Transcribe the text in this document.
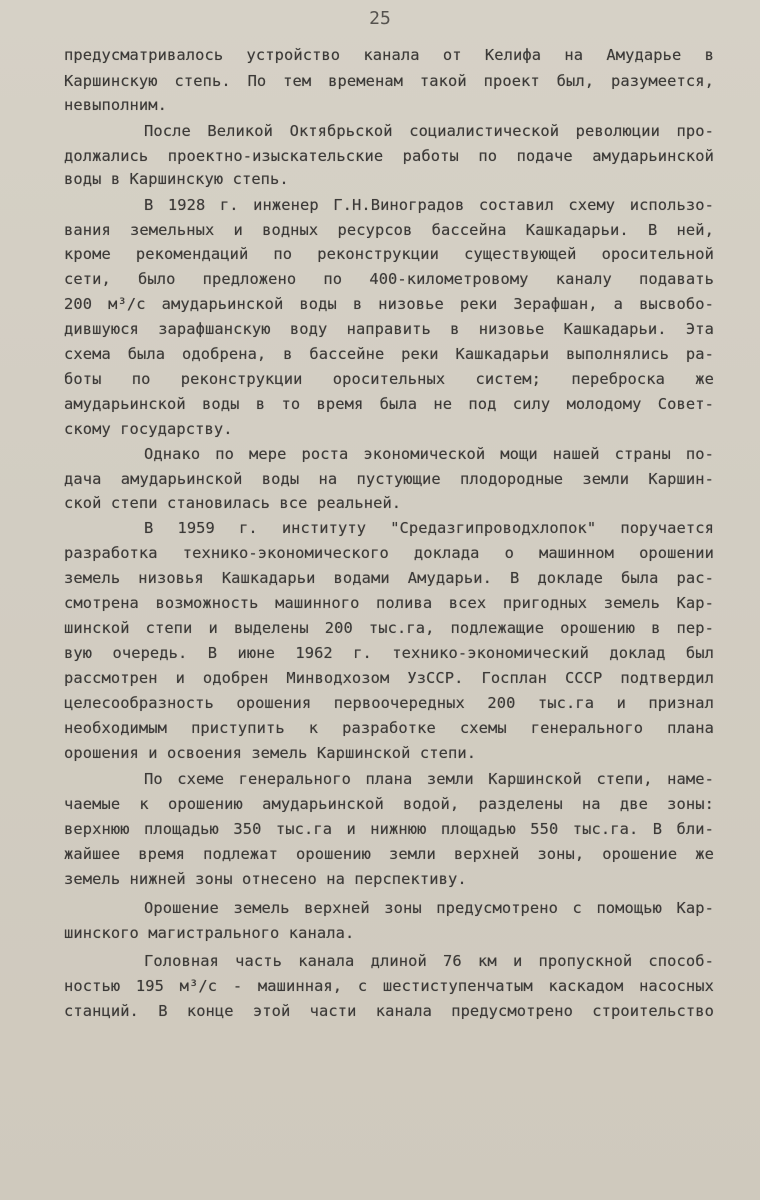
25
предусматривалось устройство канала от Келифа на Амударье в
Каршинскую степь. По тем временам такой проект был, разумеется,
невыполним.
После Великой Октябрьской социалистической революции про-
должались проектно-изыскательские работы по подаче амударьинской
воды в Каршинскую степь.
В 1928 г. инженер Г.Н.Виноградов составил схему использо-
вания земельных и водных ресурсов бассейна Кашкадарьи. В ней,
кроме рекомендаций по реконструкции существующей оросительной
сети, было предложено по 400-километровому каналу подавать
200 м³/с амударьинской воды в низовье реки Зерафшан, а высвобо-
дившуюся зарафшанскую воду направить в низовье Кашкадарьи. Эта
схема была одобрена, в бассейне реки Кашкадарьи выполнялись ра-
боты по реконструкции оросительных систем; переброска же
амударьинской воды в то время была не под силу молодому Совет-
скому государству.
Однако по мере роста экономической мощи нашей страны по-
дача амударьинской воды на пустующие плодородные земли Каршин-
ской степи становилась все реальней.
В 1959 г. институту "Средазгипроводхлопок" поручается
разработка технико-экономического доклада о машинном орошении
земель низовья Кашкадарьи водами Амударьи. В докладе была рас-
смотрена возможность машинного полива всех пригодных земель Кар-
шинской степи и выделены 200 тыс.га, подлежащие орошению в пер-
вую очередь. В июне 1962 г. технико-экономический доклад был
рассмотрен и одобрен Минводхозом УзССР. Госплан СССР подтвердил
целесообразность орошения первоочередных 200 тыс.га и признал
необходимым приступить к разработке схемы генерального плана
орошения и освоения земель Каршинской степи.
По схеме генерального плана земли Каршинской степи, наме-
чаемые к орошению амударьинской водой, разделены на две зоны:
верхнюю площадью 350 тыс.га и нижнюю площадью 550 тыс.га. В бли-
жайшее время подлежат орошению земли верхней зоны, орошение же
земель нижней зоны отнесено на перспективу.
Орошение земель верхней зоны предусмотрено с помощью Кар-
шинского магистрального канала.
Головная часть канала длиной 76 км и пропускной способ-
ностью 195 м³/с - машинная, с шестиступенчатым каскадом насосных
станций. В конце этой части канала предусмотрено строительство
